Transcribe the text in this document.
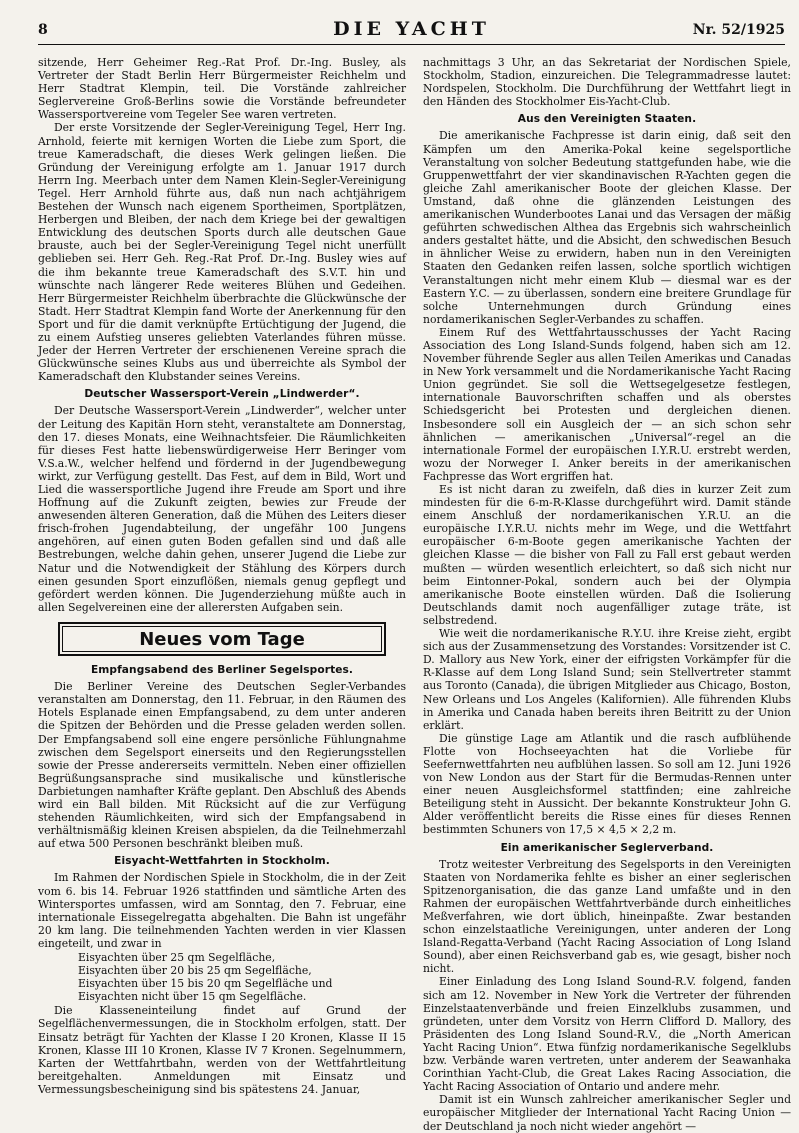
8	DIE YACHT	Nr. 52/1925

sitzende, Herr Geheimer Reg.-Rat Prof. Dr.-Ing. Busley, als Vertreter der Stadt Berlin Herr Bürgermeister Reichhelm und Herr Stadtrat Klempin, teil. Die Vorstände zahlreicher Seglervereine Groß-Berlins sowie die Vorstände befreundeter Wassersportvereine vom Tegeler See waren vertreten.

Der erste Vorsitzende der Segler-Vereinigung Tegel, Herr Ing. Arnhold, feierte mit kernigen Worten die Liebe zum Sport, die treue Kameradschaft, die dieses Werk gelingen ließen. Die Gründung der Vereinigung erfolgte am 1. Januar 1917 durch Herrn Ing. Meerbach unter dem Namen Klein-Segler-Vereinigung Tegel. Herr Arnhold führte aus, daß nun nach achtjährigem Bestehen der Wunsch nach eigenem Sportheimen, Sportplätzen, Herbergen und Bleiben, der nach dem Kriege bei der gewaltigen Entwicklung des deutschen Sports durch alle deutschen Gaue brauste, auch bei der Segler-Vereinigung Tegel nicht unerfüllt geblieben sei. Herr Geh. Reg.-Rat Prof. Dr.-Ing. Busley wies auf die ihm bekannte treue Kameradschaft des S.V.T. hin und wünschte nach längerer Rede weiteres Blühen und Gedeihen. Herr Bürgermeister Reichhelm überbrachte die Glückwünsche der Stadt. Herr Stadtrat Klempin fand Worte der Anerkennung für den Sport und für die damit verknüpfte Ertüchtigung der Jugend, die zu einem Aufstieg unseres geliebten Vaterlandes führen müsse. Jeder der Herren Vertreter der erschienenen Vereine sprach die Glückwünsche seines Klubs aus und überreichte als Symbol der Kameradschaft den Klubstander seines Vereins.

Deutscher Wassersport-Verein „Lindwerder“.

Der Deutsche Wassersport-Verein „Lindwerder“, welcher unter der Leitung des Kapitän Horn steht, veranstaltete am Donnerstag, den 17. dieses Monats, eine Weihnachtsfeier. Die Räumlichkeiten für dieses Fest hatte liebenswürdigerweise Herr Beringer vom V.S.a.W., welcher helfend und fördernd in der Jugendbewegung wirkt, zur Verfügung gestellt. Das Fest, auf dem in Bild, Wort und Lied die wassersportliche Jugend ihre Freude am Sport und ihre Hoffnung auf die Zukunft zeigten, bewies zur Freude der anwesenden älteren Generation, daß die Mühen des Leiters dieser frisch-frohen Jugendabteilung, der ungefähr 100 Jungens angehören, auf einen guten Boden gefallen sind und daß alle Bestrebungen, welche dahin gehen, unserer Jugend die Liebe zur Natur und die Notwendigkeit der Stählung des Körpers durch einen gesunden Sport einzuflößen, niemals genug gepflegt und gefördert werden können. Die Jugenderziehung müßte auch in allen Segelvereinen eine der allerersten Aufgaben sein.

Neues vom Tage
Empfangsabend des Berliner Segelsportes.

Die Berliner Vereine des Deutschen Segler-Verbandes veranstalten am Donnerstag, den 11. Februar, in den Räumen des Hotels Esplanade einen Empfangsabend, zu dem unter anderen die Spitzen der Behörden und die Presse geladen werden sollen. Der Empfangsabend soll eine engere persönliche Fühlungnahme zwischen dem Segelsport einerseits und den Regierungsstellen sowie der Presse andererseits vermitteln. Neben einer offiziellen Begrüßungsansprache sind musikalische und künstlerische Darbietungen namhafter Kräfte geplant. Den Abschluß des Abends wird ein Ball bilden. Mit Rücksicht auf die zur Verfügung stehenden Räumlichkeiten, wird sich der Empfangsabend in verhältnismäßig kleinen Kreisen abspielen, da die Teilnehmerzahl auf etwa 500 Personen beschränkt bleiben muß.

Eisyacht-Wettfahrten in Stockholm.

Im Rahmen der Nordischen Spiele in Stockholm, die in der Zeit vom 6. bis 14. Februar 1926 stattfinden und sämtliche Arten des Wintersportes umfassen, wird am Sonntag, den 7. Februar, eine internationale Eissegelregatta abgehalten. Die Bahn ist ungefähr 20 km lang. Die teilnehmenden Yachten werden in vier Klassen eingeteilt, und zwar in

Eisyachten über 25 qm Segelfläche,
Eisyachten über 20 bis 25 qm Segelfläche,
Eisyachten über 15 bis 20 qm Segelfläche und
Eisyachten nicht über 15 qm Segelfläche.

Die Klasseneinteilung findet auf Grund der Segelflächenvermessungen, die in Stockholm erfolgen, statt. Der Einsatz beträgt für Yachten der Klasse I 20 Kronen, Klasse II 15 Kronen, Klasse III 10 Kronen, Klasse IV 7 Kronen. Segelnummern, Karten der Wettfahrtbahn, werden von der Wettfahrtleitung bereitgehalten. Anmeldungen mit Einsatz und Vermessungsbescheinigung sind bis spätestens 24. Januar,

nachmittags 3 Uhr, an das Sekretariat der Nordischen Spiele, Stockholm, Stadion, einzureichen. Die Telegrammadresse lautet: Nordspelen, Stockholm. Die Durchführung der Wettfahrt liegt in den Händen des Stockholmer Eis-Yacht-Club.

Aus den Vereinigten Staaten.

Die amerikanische Fachpresse ist darin einig, daß seit den Kämpfen um den Amerika-Pokal keine segelsportliche Veranstaltung von solcher Bedeutung stattgefunden habe, wie die Gruppenwettfahrt der vier skandinavischen R-Yachten gegen die gleiche Zahl amerikanischer Boote der gleichen Klasse. Der Umstand, daß ohne die glänzenden Leistungen des amerikanischen Wunderbootes Lanai und das Versagen der mäßig geführten schwedischen Althea das Ergebnis sich wahrscheinlich anders gestaltet hätte, und die Absicht, den schwedischen Besuch in ähnlicher Weise zu erwidern, haben nun in den Vereinigten Staaten den Gedanken reifen lassen, solche sportlich wichtigen Veranstaltungen nicht mehr einem Klub — diesmal war es der Eastern Y.C. — zu überlassen, sondern eine breitere Grundlage für solche Unternehmungen durch Gründung eines nordamerikanischen Segler-Verbandes zu schaffen.

Einem Ruf des Wettfahrtausschusses der Yacht Racing Association des Long Island-Sunds folgend, haben sich am 12. November führende Segler aus allen Teilen Amerikas und Canadas in New York versammelt und die Nordamerikanische Yacht Racing Union gegründet. Sie soll die Wettsegelgesetze festlegen, internationale Bauvorschriften schaffen und als oberstes Schiedsgericht bei Protesten und dergleichen dienen. Insbesondere soll ein Ausgleich der — an sich schon sehr ähnlichen — amerikanischen „Universal“-regel an die internationale Formel der europäischen I.Y.R.U. erstrebt werden, wozu der Norweger I. Anker bereits in der amerikanischen Fachpresse das Wort ergriffen hat.

Es ist nicht daran zu zweifeln, daß dies in kurzer Zeit zum mindesten für die 6-m-R-Klasse durchgeführt wird. Damit stände einem Anschluß der nordamerikanischen Y.R.U. an die europäische I.Y.R.U. nichts mehr im Wege, und die Wettfahrt europäischer 6-m-Boote gegen amerikanische Yachten der gleichen Klasse — die bisher von Fall zu Fall erst gebaut werden mußten — würden wesentlich erleichtert, so daß sich nicht nur beim Eintonner-Pokal, sondern auch bei der Olympia amerikanische Boote einstellen würden. Daß die Isolierung Deutschlands damit noch augenfälliger zutage träte, ist selbstredend.

Wie weit die nordamerikanische R.Y.U. ihre Kreise zieht, ergibt sich aus der Zusammensetzung des Vorstandes: Vorsitzender ist C. D. Mallory aus New York, einer der eifrigsten Vorkämpfer für die R-Klasse auf dem Long Island Sund; sein Stellvertreter stammt aus Toronto (Canada), die übrigen Mitglieder aus Chicago, Boston, New Orleans und Los Angeles (Kalifornien). Alle führenden Klubs in Amerika und Canada haben bereits ihren Beitritt zu der Union erklärt.

Die günstige Lage am Atlantik und die rasch aufblühende Flotte von Hochseeyachten hat die Vorliebe für Seefernwettfahrten neu aufblühen lassen. So soll am 12. Juni 1926 von New London aus der Start für die Bermudas-Rennen unter einer neuen Ausgleichsformel stattfinden; eine zahlreiche Beteiligung steht in Aussicht. Der bekannte Konstrukteur John G. Alder veröffentlicht bereits die Risse eines für dieses Rennen bestimmten Schuners von 17,5 × 4,5 × 2,2 m.

Ein amerikanischer Seglerverband.

Trotz weitester Verbreitung des Segelsports in den Vereinigten Staaten von Nordamerika fehlte es bisher an einer seglerischen Spitzenorganisation, die das ganze Land umfaßte und in den Rahmen der europäischen Wettfahrtverbände durch einheitliches Meßverfahren, wie dort üblich, hineinpaßte. Zwar bestanden schon einzelstaatliche Vereinigungen, unter anderen der Long Island-Regatta-Verband (Yacht Racing Association of Long Island Sound), aber einen Reichsverband gab es, wie gesagt, bisher noch nicht.

Einer Einladung des Long Island Sound-R.V. folgend, fanden sich am 12. November in New York die Vertreter der führenden Einzelstaatenverbände und freien Einzelklubs zusammen, und gründeten, unter dem Vorsitz von Herrn Clifford D. Mallory, des Präsidenten des Long Island Sound-R.V., die „North American Yacht Racing Union“. Etwa fünfzig nordamerikanische Segelklubs bzw. Verbände waren vertreten, unter anderem der Seawanhaka Corinthian Yacht-Club, die Great Lakes Racing Association, die Yacht Racing Association of Ontario und andere mehr.

Damit ist ein Wunsch zahlreicher amerikanischer Segler und europäischer Mitglieder der International Yacht Racing Union — der Deutschland ja noch nicht wieder angehört —
